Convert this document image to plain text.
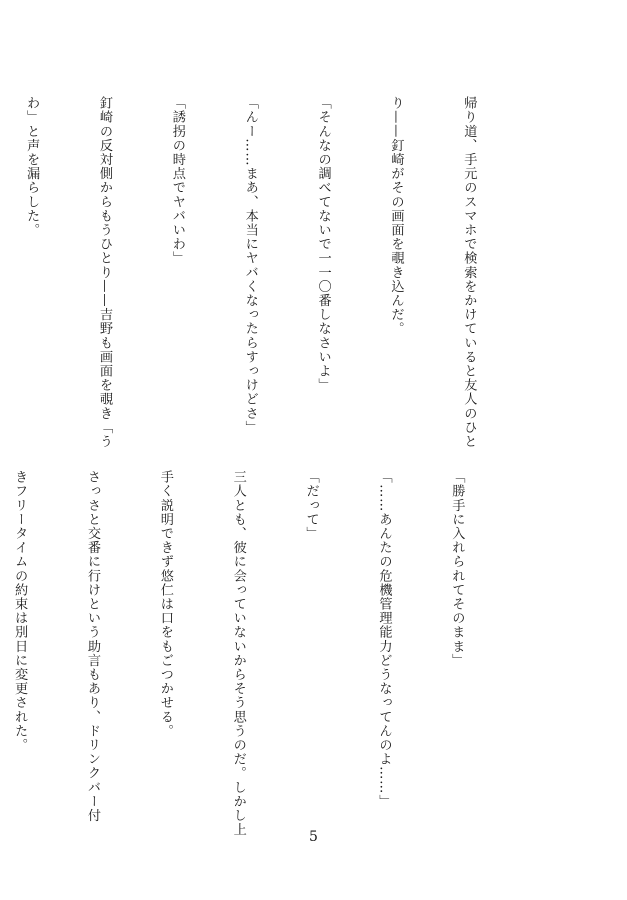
帰り道、手元のスマホで検索をかけていると友人のひと

り——釘崎がその画面を覗き込んだ。

「そんなの調べてないで一一〇番しなさいよ」

「んー……まあ、本当にヤバくなったらすっけどさ」

「誘拐の時点でヤバいわ」

釘崎の反対側からもうひとり——吉野も画面を覗き「う

わ」と声を漏らした。

「勝手に入れられてそのまま」

「……あんたの危機管理能力どうなってんのよ……」

「だって」

三人とも、彼に会っていないからそう思うのだ。しかし上

手く説明できず悠仁は口をもごつかせる。

さっさと交番に行けという助言もあり、ドリンクバー付

きフリータイムの約束は別日に変更された。

5
